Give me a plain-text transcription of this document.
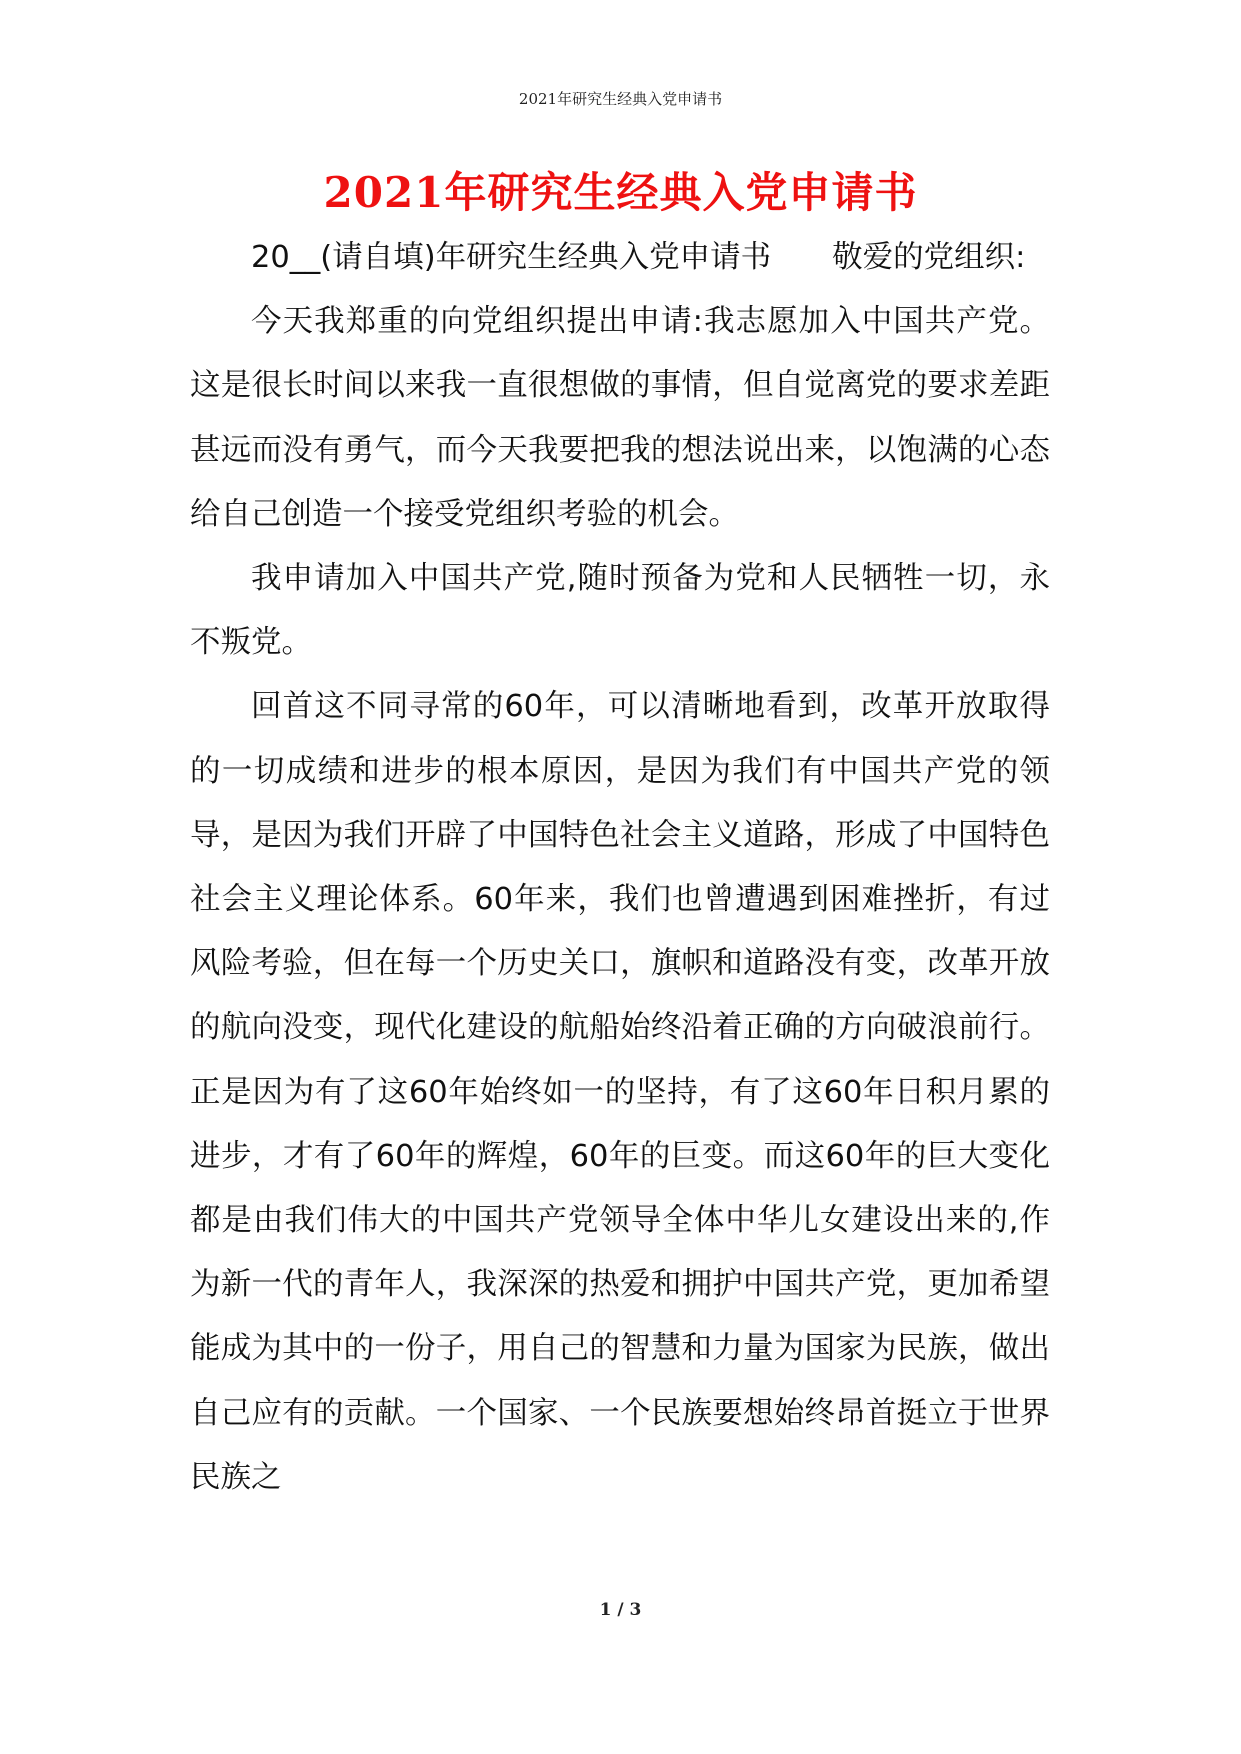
2021年研究生经典入党申请书
2021年研究生经典入党申请书

20__(请自填)年研究生经典入党申请书　　敬爱的党组织:

今天我郑重的向党组织提出申请:我志愿加入中国共产党。这是很长时间以来我一直很想做的事情，但自觉离党的要求差距甚远而没有勇气，而今天我要把我的想法说出来，以饱满的心态给自己创造一个接受党组织考验的机会。

我申请加入中国共产党,随时预备为党和人民牺牲一切，永不叛党。

回首这不同寻常的60年，可以清晰地看到，改革开放取得的一切成绩和进步的根本原因，是因为我们有中国共产党的领导，是因为我们开辟了中国特色社会主义道路，形成了中国特色社会主义理论体系。60年来，我们也曾遭遇到困难挫折，有过风险考验，但在每一个历史关口，旗帜和道路没有变，改革开放的航向没变，现代化建设的航船始终沿着正确的方向破浪前行。正是因为有了这60年始终如一的坚持，有了这60年日积月累的进步，才有了60年的辉煌，60年的巨变。而这60年的巨大变化都是由我们伟大的中国共产党领导全体中华儿女建设出来的,作为新一代的青年人，我深深的热爱和拥护中国共产党，更加希望能成为其中的一份子，用自己的智慧和力量为国家为民族，做出自己应有的贡献。一个国家、一个民族要想始终昂首挺立于世界民族之

1 / 3
